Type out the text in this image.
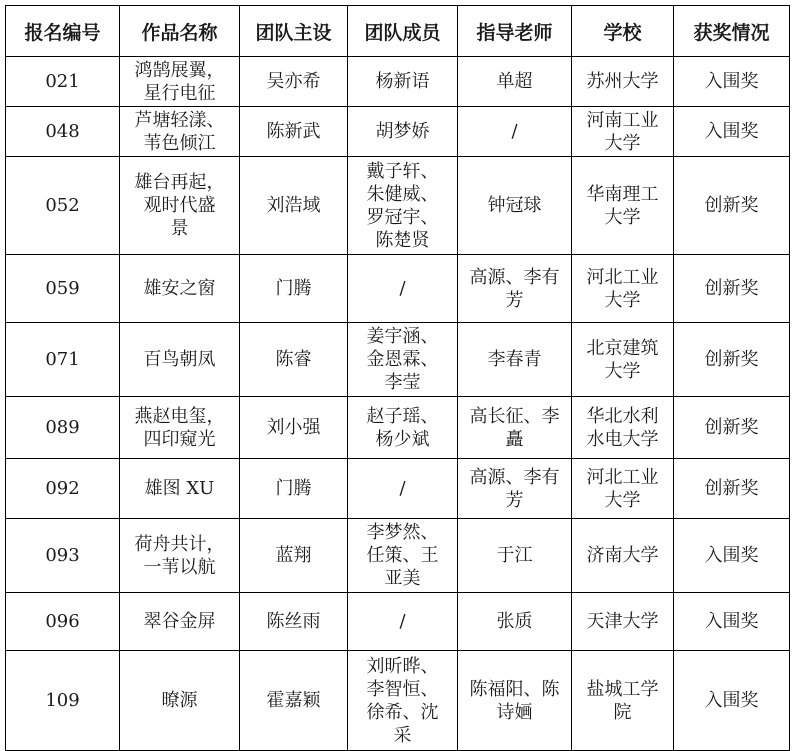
报名编号	作品名称	团队主设	团队成员	指导老师	学校	获奖情况
021	鸿鹄展翼，
星行电征	吴亦希	杨新语	单超	苏州大学	入围奖

048	芦塘轻漾、
苇色倾江	陈新武	胡梦娇	/	河南工业
大学	入围奖

052	雄台再起，
观时代盛
景	刘浩域	戴子轩、
朱健威、
罗冠宇、
陈楚贤	钟冠球	华南理工
大学	创新奖

059	雄安之窗	门腾	/	高源、李有
芳	河北工业
大学	创新奖

071	百鸟朝凤	陈睿	姜宇涵、
金恩霖、
李莹	李春青	北京建筑
大学	创新奖

089	燕赵电玺，
四印窥光	刘小强	赵子瑶、
杨少斌	高长征、李
矗	华北水利
水电大学	创新奖

092	雄图 XU	门腾	/	高源、李有
芳	河北工业
大学	创新奖

093	荷舟共计，
一苇以航	蓝翔	李梦然、
任策、王
亚美	于江	济南大学	入围奖

096	翠谷金屏	陈丝雨	/	张质	天津大学	入围奖

109	暸源	霍嘉颖	刘昕晔、
李智恒、
徐希、沈
采	陈福阳、陈
诗婳	盐城工学
院	入围奖
